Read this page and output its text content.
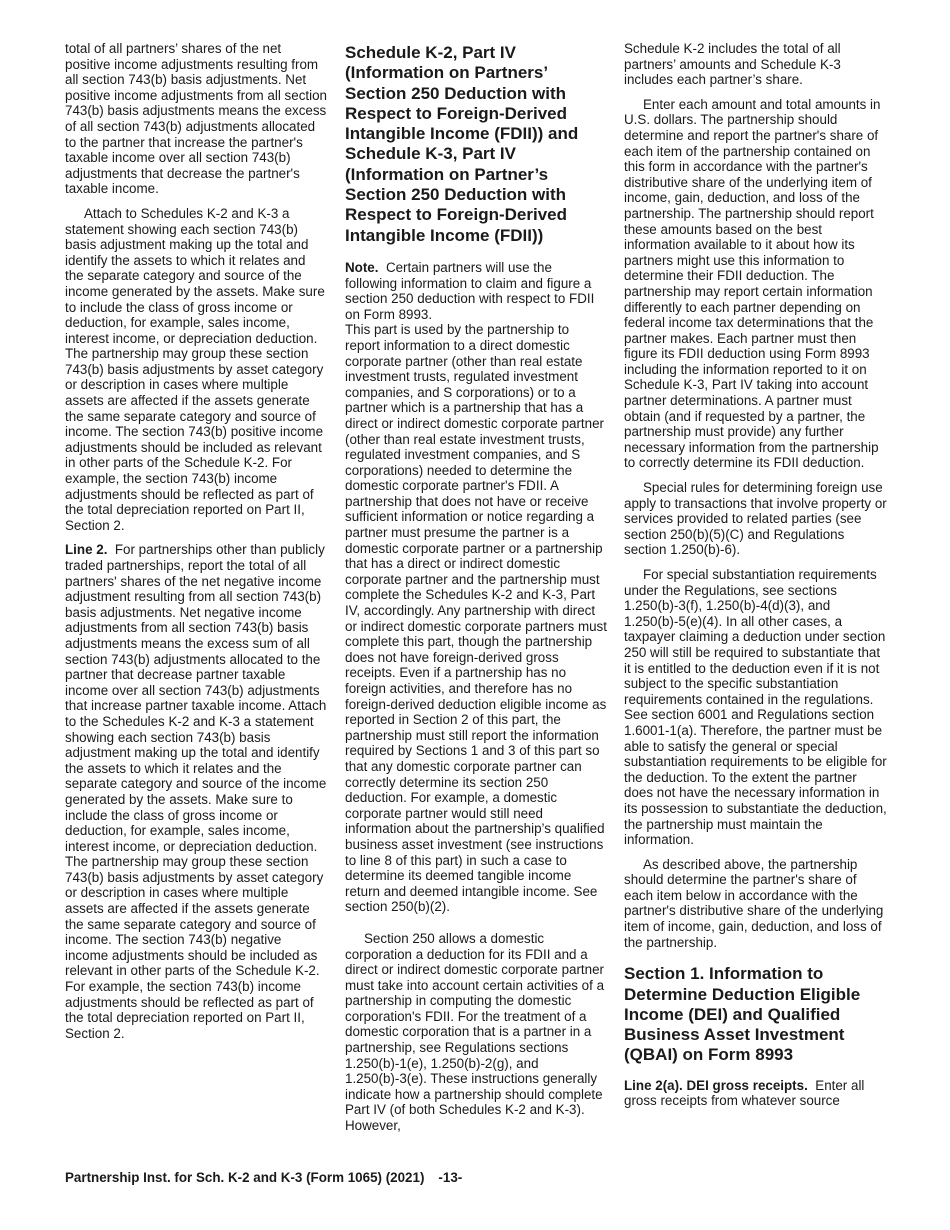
total of all partners’ shares of the net positive income adjustments resulting from all section 743(b) basis adjustments. Net positive income adjustments from all section 743(b) basis adjustments means the excess of all section 743(b) adjustments allocated to the partner that increase the partner's taxable income over all section 743(b) adjustments that decrease the partner's taxable income.

Attach to Schedules K-2 and K-3 a statement showing each section 743(b) basis adjustment making up the total and identify the assets to which it relates and the separate category and source of the income generated by the assets. Make sure to include the class of gross income or deduction, for example, sales income, interest income, or depreciation deduction. The partnership may group these section 743(b) basis adjustments by asset category or description in cases where multiple assets are affected if the assets generate the same separate category and source of income. The section 743(b) positive income adjustments should be included as relevant in other parts of the Schedule K-2. For example, the section 743(b) income adjustments should be reflected as part of the total depreciation reported on Part II, Section 2.

Line 2. For partnerships other than publicly traded partnerships, report the total of all partners' shares of the net negative income adjustment resulting from all section 743(b) basis adjustments. Net negative income adjustments from all section 743(b) basis adjustments means the excess sum of all section 743(b) adjustments allocated to the partner that decrease partner taxable income over all section 743(b) adjustments that increase partner taxable income. Attach to the Schedules K-2 and K-3 a statement showing each section 743(b) basis adjustment making up the total and identify the assets to which it relates and the separate category and source of the income generated by the assets. Make sure to include the class of gross income or deduction, for example, sales income, interest income, or depreciation deduction. The partnership may group these section 743(b) basis adjustments by asset category or description in cases where multiple assets are affected if the assets generate the same separate category and source of income. The section 743(b) negative income adjustments should be included as relevant in other parts of the Schedule K-2. For example, the section 743(b) income adjustments should be reflected as part of the total depreciation reported on Part II, Section 2.

Schedule K-2, Part IV (Information on Partners’ Section 250 Deduction with Respect to Foreign-Derived Intangible Income (FDII)) and Schedule K-3, Part IV (Information on Partner’s Section 250 Deduction with Respect to Foreign-Derived Intangible Income (FDII))

Note. Certain partners will use the following information to claim and figure a section 250 deduction with respect to FDII on Form 8993.

This part is used by the partnership to report information to a direct domestic corporate partner (other than real estate investment trusts, regulated investment companies, and S corporations) or to a partner which is a partnership that has a direct or indirect domestic corporate partner (other than real estate investment trusts, regulated investment companies, and S corporations) needed to determine the domestic corporate partner's FDII. A partnership that does not have or receive sufficient information or notice regarding a partner must presume the partner is a domestic corporate partner or a partnership that has a direct or indirect domestic corporate partner and the partnership must complete the Schedules K-2 and K-3, Part IV, accordingly. Any partnership with direct or indirect domestic corporate partners must complete this part, though the partnership does not have foreign-derived gross receipts. Even if a partnership has no foreign activities, and therefore has no foreign-derived deduction eligible income as reported in Section 2 of this part, the partnership must still report the information required by Sections 1 and 3 of this part so that any domestic corporate partner can correctly determine its section 250 deduction. For example, a domestic corporate partner would still need information about the partnership’s qualified business asset investment (see instructions to line 8 of this part) in such a case to determine its deemed tangible income return and deemed intangible income. See section 250(b)(2).

Section 250 allows a domestic corporation a deduction for its FDII and a direct or indirect domestic corporate partner must take into account certain activities of a partnership in computing the domestic corporation's FDII. For the treatment of a domestic corporation that is a partner in a partnership, see Regulations sections 1.250(b)-1(e), 1.250(b)-2(g), and 1.250(b)-3(e). These instructions generally indicate how a partnership should complete Part IV (of both Schedules K-2 and K-3). However,

Schedule K-2 includes the total of all partners’ amounts and Schedule K-3 includes each partner’s share.

Enter each amount and total amounts in U.S. dollars. The partnership should determine and report the partner's share of each item of the partnership contained on this form in accordance with the partner's distributive share of the underlying item of income, gain, deduction, and loss of the partnership. The partnership should report these amounts based on the best information available to it about how its partners might use this information to determine their FDII deduction. The partnership may report certain information differently to each partner depending on federal income tax determinations that the partner makes. Each partner must then figure its FDII deduction using Form 8993 including the information reported to it on Schedule K-3, Part IV taking into account partner determinations. A partner must obtain (and if requested by a partner, the partnership must provide) any further necessary information from the partnership to correctly determine its FDII deduction.

Special rules for determining foreign use apply to transactions that involve property or services provided to related parties (see section 250(b)(5)(C) and Regulations section 1.250(b)-6).

For special substantiation requirements under the Regulations, see sections 1.250(b)-3(f), 1.250(b)-4(d)(3), and 1.250(b)-5(e)(4). In all other cases, a taxpayer claiming a deduction under section 250 will still be required to substantiate that it is entitled to the deduction even if it is not subject to the specific substantiation requirements contained in the regulations. See section 6001 and Regulations section 1.6001-1(a). Therefore, the partner must be able to satisfy the general or special substantiation requirements to be eligible for the deduction. To the extent the partner does not have the necessary information in its possession to substantiate the deduction, the partnership must maintain the information.

As described above, the partnership should determine the partner's share of each item below in accordance with the partner's distributive share of the underlying item of income, gain, deduction, and loss of the partnership.

Section 1. Information to Determine Deduction Eligible Income (DEI) and Qualified Business Asset Investment (QBAI) on Form 8993

Line 2(a). DEI gross receipts. Enter all gross receipts from whatever source

Partnership Inst. for Sch. K-2 and K-3 (Form 1065) (2021) -13-
